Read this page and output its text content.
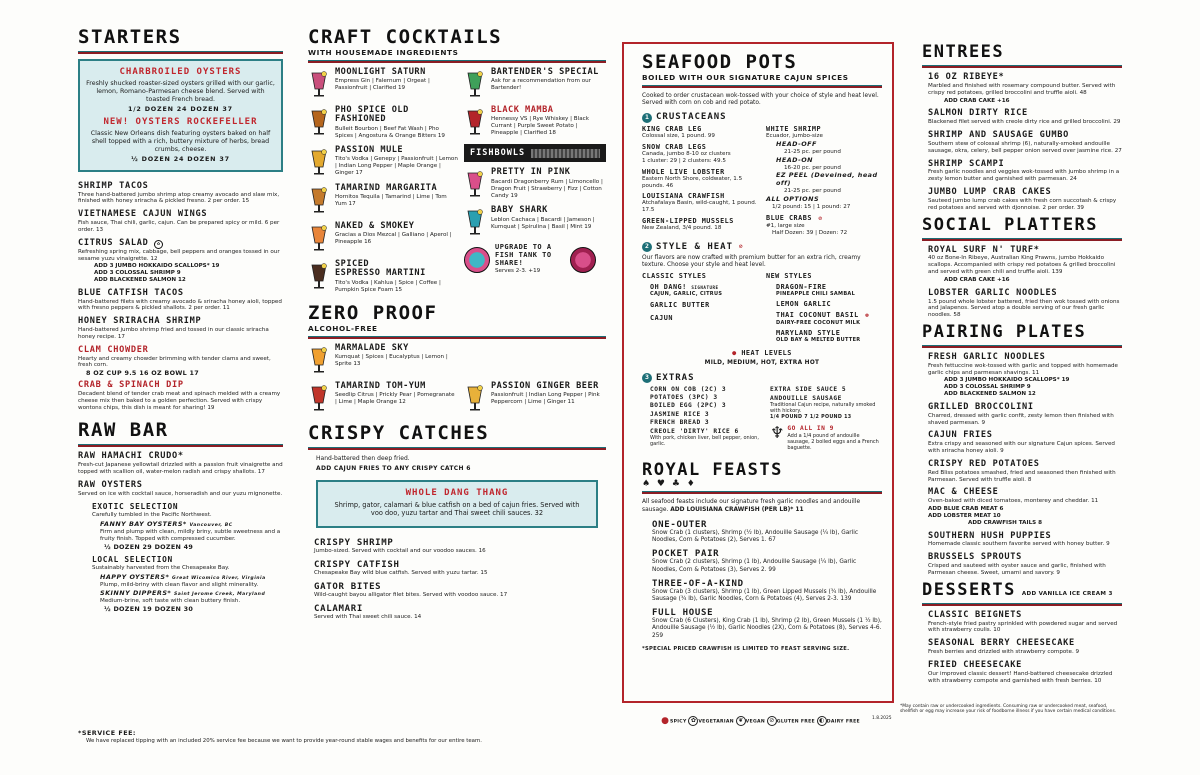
STARTERS
CHARBROILED OYSTERS
Freshly shucked roaster-sized oysters grilled with our garlic, lemon, Romano-Parmesan cheese blend. Served with toasted French bread.
1/2 DOZEN 24 DOZEN 37
NEW! OYSTERS ROCKEFELLER
Classic New Orleans dish featuring oysters baked on half shell topped with a rich, buttery mixture of herbs, bread crumbs, cheese.
½ DOZEN 24 DOZEN 37
SHRIMP TACOS
Three hand-battered jumbo shrimp atop creamy avocado and slaw mix, finished with honey sriracha & pickled fresno. 2 per order. 15
VIETNAMESE CAJUN WINGS
Fish sauce, Thai chili, garlic, cajun. Can be prepared spicy or mild. 6 per order. 13
CITRUS SALAD ✿
Refreshing spring mix, cabbage, bell peppers and oranges tossed in our sesame yuzu vinaigrette. 12
ADD 3 JUMBO HOKKAIDO SCALLOPS* 19
ADD 3 COLOSSAL SHRIMP 9
ADD BLACKENED SALMON 12
BLUE CATFISH TACOS
Hand-battered filets with creamy avocado & sriracha honey aioli, topped with fresno peppers & pickled shallots. 2 per order. 11
HONEY SRIRACHA SHRIMP
Hand-battered jumbo shrimp fried and tossed in our classic sriracha honey recipe. 17
CLAM CHOWDER
Hearty and creamy chowder brimming with tender clams and sweet, fresh corn.
8 OZ CUP 9.5 16 OZ BOWL 17
CRAB & SPINACH DIP
Decadent blend of tender crab meat and spinach melded with a creamy cheese mix then baked to a golden perfection. Served with crispy wontons chips, this dish is meant for sharing! 19
RAW BAR
RAW HAMACHI CRUDO*
Fresh-cut Japanese yellowtail drizzled with a passion fruit vinaigrette and topped with scallion oil, water-melon radish and crispy shallots. 17
RAW OYSTERS
Served on ice with cocktail sauce, horseradish and our yuzu mignonette.
EXOTIC SELECTION
Carefully tumbled in the Pacific Northwest.
FANNY BAY OYSTERS* Vancouver, BC
Firm and plump with clean, mildly briny, subtle sweetness and a fruity finish. Topped with compressed cucumber.
½ DOZEN 29 DOZEN 49
LOCAL SELECTION
Sustainably harvested from the Chesapeake Bay.
HAPPY OYSTERS* Great Wicomico River, Virginia
Plump, mild-briny with clean flavor and slight minerality.
SKINNY DIPPERS* Saint Jerome Creek, Maryland
Medium-brine, soft taste with clean buttery finish.
½ DOZEN 19 DOZEN 30
*SERVICE FEE:
We have replaced tipping with an included 20% service fee because we want to provide year-round stable wages and benefits for our entire team.
CRAFT COCKTAILS
WITH HOUSEMADE INGREDIENTS
MOONLIGHT SATURN
Empress Gin | Falernum | Orgeat | Passionfruit | Clarified 19
PHO SPICE OLD FASHIONED
Bulleit Bourbon | Beef Fat Wash | Pho Spices | Angostura & Orange Bitters 19
PASSION MULE
Tito's Vodka | Genepy | Passionfruit | Lemon | Indian Long Pepper | Maple Orange | Ginger 17
TAMARIND MARGARITA
Hornitos Tequila | Tamarind | Lime | Tom Yum 17
NAKED & SMOKEY
Gracias a Dios Mezcal | Galliano | Aperol | Pineapple 16
SPICED
ESPRESSO MARTINI
Tito's Vodka | Kahlua | Spice | Coffee | Pumpkin Spice Foam 15
BARTENDER'S SPECIAL
Ask for a recommendation from our Bartender!
BLACK MAMBA
Hennessy VS | Rye Whiskey | Black Currant | Purple Sweet Potato | Pineapple | Clarified 18
FISHBOWLS
PRETTY IN PINK
Bacardi Dragonberry Rum | Limoncello | Dragon Fruit | Strawberry | Fizz | Cotton Candy 19
BABY SHARK
Leblon Cachaca | Bacardi | Jameson | Kumquat | Spirulina | Basil | Mint 19
UPGRADE TO A FISH TANK TO SHARE!
Serves 2-3. +19
ZERO PROOF
ALCOHOL-FREE
MARMALADE SKY
Kumquat | Spices | Eucalyptus | Lemon | Sprite 13
TAMARIND TOM-YUM
Seedlip Citrus | Prickly Pear | Pomegranate | Lime | Maple Orange 12
PASSION GINGER BEER
Passionfruit | Indian Long Pepper | Pink Peppercorn | Lime | Ginger 11
CRISPY CATCHES
Hand-battered then deep fried.
ADD CAJUN FRIES TO ANY CRISPY CATCH 6
WHOLE DANG THANG
Shrimp, gator, calamari & blue catfish on a bed of cajun fries. Served with voo doo, yuzu tartar and Thai sweet chili sauces. 32
CRISPY SHRIMP
Jumbo-sized. Served with cocktail and our voodoo sauces. 16
CRISPY CATFISH
Chesapeake Bay wild blue catfish. Served with yuzu tartar. 15
GATOR BITES
Wild-caught bayou alligator filet bites. Served with voodoo sauce. 17
CALAMARI
Served with Thai sweet chili sauce. 14
SEAFOOD POTS
BOILED WITH OUR SIGNATURE CAJUN SPICES
Cooked to order crustacean wok-tossed with your choice of style and heat level. Served with corn on cob and red potato.
1 CRUSTACEANS
KING CRAB LEG
Colossal size, 1 pound. 99
SNOW CRAB LEGS
Canada, jumbo 8-10 oz clusters
1 cluster: 29 | 2 clusters: 49.5
WHOLE LIVE LOBSTER
Eastern North Shore, coldwater, 1.5 pounds. 46
LOUISIANA CRAWFISH
Atchafalaya Basin, wild-caught, 1 pound. 17.5
GREEN-LIPPED MUSSELS
New Zealand, 3/4 pound. 18
WHITE SHRIMP
Ecuador, jumbo-size
HEAD-OFF
21-25 pc. per pound
HEAD-ON
16-20 pc. per pound
EZ PEEL (Deveined, head off)
21-25 pc. per pound
ALL OPTIONS
1/2 pound: 15 | 1 pound: 27
BLUE CRABS ⊘
#1, large size
Half Dozen: 39 | Dozen: 72
2 STYLE & HEAT ⊘
Our flavors are now crafted with premium butter for an extra rich, creamy texture. Choose your style and heat level.
CLASSIC STYLES
OH DANG! SIGNATURE
CAJUN, GARLIC, CITRUS
GARLIC BUTTER
CAJUN
NEW STYLES
DRAGON-FIRE
PINEAPPLE CHILI SAMBAL
LEMON GARLIC
THAI COCONUT BASIL ⊛
DAIRY-FREE COCONUT MILK
MARYLAND STYLE
OLD BAY & MELTED BUTTER
● HEAT LEVELS
MILD, MEDIUM, HOT, EXTRA HOT
3 EXTRAS
CORN ON COB (2C) 3
POTATOES (3PC) 3
BOILED EGG (2PC) 3
JASMINE RICE 3
FRENCH BREAD 3
CREOLE 'DIRTY' RICE 6
With pork, chicken liver, bell pepper, onion, garlic.
EXTRA SIDE SAUCE 5
ANDOUILLE SAUSAGE
Traditional Cajun recipe, naturally smoked with hickory.
1/4 POUND 7 1/2 POUND 13
♆ GO ALL IN 9
Add a 1/4 pound of andouille sausage, 2 boiled eggs and a French baguette.
ROYAL FEASTS
♠ ♥ ♣ ♦
All seafood feasts include our signature fresh garlic noodles and andouille sausage. ADD LOUISIANA CRAWFISH (PER LB)* 11
ONE-OUTER
Snow Crab (1 clusters), Shrimp (½ lb), Andouille Sausage (¼ lb), Garlic Noodles, Corn & Potatoes (2), Serves 1. 67
POCKET PAIR
Snow Crab (2 clusters), Shrimp (1 lb), Andouille Sausage (¼ lb), Garlic Noodles, Corn & Potatoes (3), Serves 2. 99
THREE-OF-A-KIND
Snow Crab (3 clusters), Shrimp (1 lb), Green Lipped Mussels (¾ lb), Andouille Sausage (¾ lb), Garlic Noodles, Corn & Potatoes (4), Serves 2-3. 139
FULL HOUSE
Snow Crab (6 Clusters), King Crab (1 lb), Shrimp (2 lb), Green Mussels (1 ½ lb), Andouille Sausage (½ lb), Garlic Noodles (2X), Corn & Potatoes (8), Serves 4-6. 259
*SPECIAL PRICED CRAWFISH IS LIMITED TO FEAST SERVING SIZE.
●SPICY ✿ VEGETARIAN ❦ VEGAN ⊘ GLUTEN FREE ◐ DAIRY FREE
ENTREES
16 OZ RIBEYE*
Marbled and finished with rosemary compound butter. Served with crispy red potatoes, grilled broccolini and truffle aioli. 48
ADD CRAB CAKE +16
SALMON DIRTY RICE
Blackened filet served with creole dirty rice and grilled broccolini. 29
SHRIMP AND SAUSAGE GUMBO
Southern stew of colossal shrimp (6), naturally-smoked andouille sausage, okra, celery, bell pepper onion served over jasmine rice. 27
SHRIMP SCAMPI
Fresh garlic noodles and veggies wok-tossed with jumbo shrimp in a zesty lemon butter and garnished with parmesan. 24
JUMBO LUMP CRAB CAKES
Sauteed jumbo lump crab cakes with fresh corn succotash & crispy red potatoes and served with djonnoise. 2 per order. 39
SOCIAL PLATTERS
ROYAL SURF N' TURF*
40 oz Bone-In Ribeye, Australian King Prawns, jumbo Hokkaido scallops. Accompanied with crispy red potatoes & grilled broccolini and served with green chili and truffle aioli. 139
ADD CRAB CAKE +16
LOBSTER GARLIC NOODLES
1.5 pound whole lobster battered, fried then wok tossed with onions and jalapenos. Served atop a double serving of our fresh garlic noodles. 58
PAIRING PLATES
FRESH GARLIC NOODLES
Fresh fettuccine wok-tossed with garlic and topped with homemade garlic chips and parmesan shavings. 11
ADD 3 JUMBO HOKKAIDO SCALLOPS* 19
ADD 3 COLOSSAL SHRIMP 9
ADD BLACKENED SALMON 12
GRILLED BROCCOLINI
Charred, dressed with garlic confit, zesty lemon then finished with shaved parmesan. 9
CAJUN FRIES
Extra crispy and seasoned with our signature Cajun spices. Served with sriracha honey aioli. 9
CRISPY RED POTATOES
Red Bliss potatoes smashed, fried and seasoned then finished with Parmesan. Served with truffle aioli. 8
MAC & CHEESE
Oven-baked with diced tomatoes, monterey and cheddar. 11
ADD BLUE CRAB MEAT 6
ADD LOBSTER MEAT 10
ADD CRAWFISH TAILS 8
SOUTHERN HUSH PUPPIES
Homemade classic southern favorite served with honey butter. 9
BRUSSELS SPROUTS
Crisped and sauteed with oyster sauce and garlic, finished with Parmesan cheese. Sweet, umami and savory. 9
DESSERTS ADD VANILLA ICE CREAM 3
CLASSIC BEIGNETS
French-style fried pastry sprinkled with powdered sugar and served with strawberry coulis. 10
SEASONAL BERRY CHEESECAKE
Fresh berries and drizzled with strawberry compote. 9
FRIED CHEESECAKE
Our improved classic dessert! Hand-battered cheesecake drizzled with strawberry compote and garnished with fresh berries. 10
*May contain raw or undercooked ingredients. Consuming raw or undercooked meat, seafood, shellfish or egg may increase your risk of foodborne illness if you have certain medical conditions.
1.8.2025
